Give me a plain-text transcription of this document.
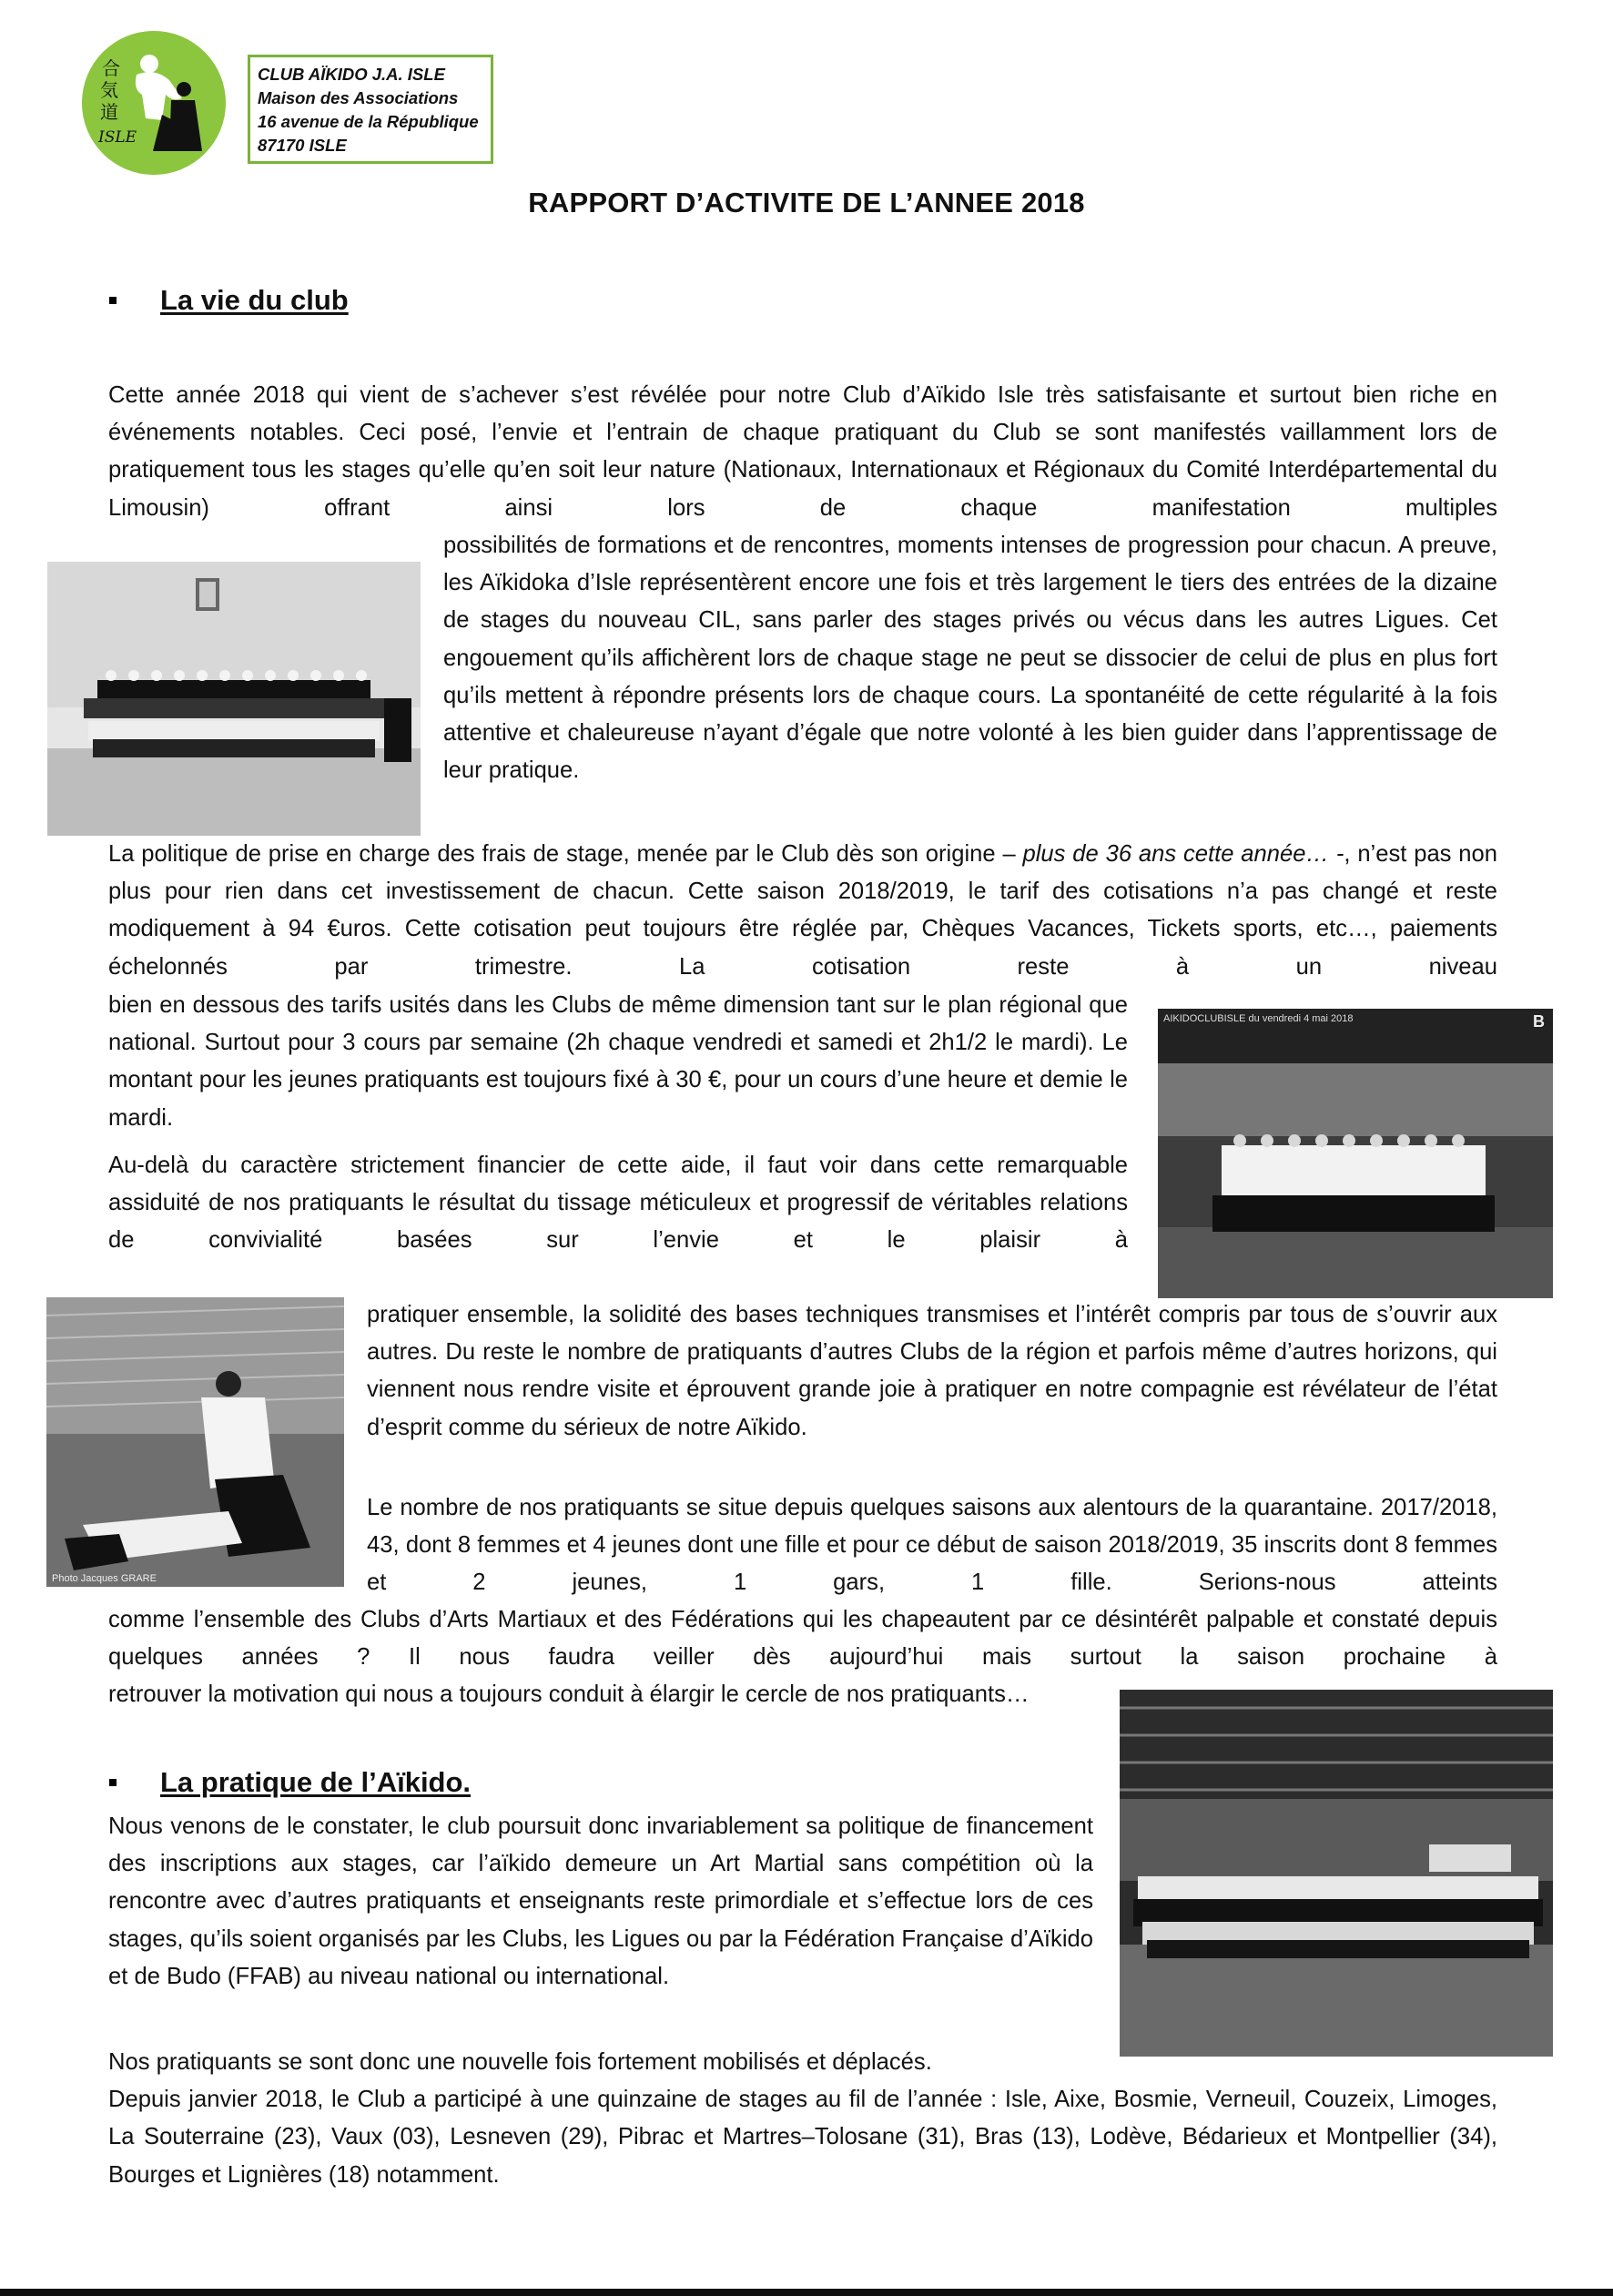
合
気
道
ISLE
CLUB AÏKIDO J.A. ISLE
Maison des Associations
16 avenue de la République
87170 ISLE
RAPPORT D’ACTIVITE DE L’ANNEE 2018
La vie du club

Cette année 2018 qui vient de s’achever s’est révélée pour notre Club d’Aïkido Isle très satisfaisante et surtout bien riche en événements notables. Ceci posé, l’envie et l’entrain de chaque pratiquant du Club se sont manifestés vaillamment lors de pratiquement tous les stages qu’elle qu’en soit leur nature (Nationaux, Internationaux et Régionaux du Comité Interdépartemental du Limousin) offrant ainsi lors de chaque manifestation multiples

possibilités de formations et de rencontres, moments intenses de progression pour chacun. A preuve, les Aïkidoka d’Isle représentèrent encore une fois et très largement le tiers des entrées de la dizaine de stages du nouveau CIL, sans parler des stages privés ou vécus dans les autres Ligues. Cet engouement qu’ils affichèrent lors de chaque stage ne peut se dissocier de celui de plus en plus fort qu’ils mettent à répondre présents lors de chaque cours. La spontanéité de cette régularité à la fois attentive et chaleureuse n’ayant d’égale que notre volonté à les bien guider dans l’apprentissage de leur pratique.

La politique de prise en charge des frais de stage, menée par le Club dès son origine – plus de 36 ans cette année… -, n’est pas non plus pour rien dans cet investissement de chacun. Cette saison 2018/2019, le tarif des cotisations n’a pas changé et reste modiquement à 94 €uros. Cette cotisation peut toujours être réglée par, Chèques Vacances, Tickets sports, etc…, paiements échelonnés par trimestre. La cotisation reste à un niveau

bien en dessous des tarifs usités dans les Clubs de même dimension tant sur le plan régional que national. Surtout pour 3 cours par semaine (2h chaque vendredi et samedi et 2h1/2 le mardi). Le montant pour les jeunes pratiquants est toujours fixé à 30 €, pour un cours d’une heure et demie le mardi.

AIKIDOCLUBISLE du vendredi 4 mai 2018	B

Au-delà du caractère strictement financier de cette aide, il faut voir dans cette remarquable assiduité de nos pratiquants le résultat du tissage méticuleux et progressif de véritables relations de convivialité basées sur l’envie et le plaisir à

Photo Jacques GRARE

pratiquer ensemble, la solidité des bases techniques transmises et l’intérêt compris par tous de s’ouvrir aux autres. Du reste le nombre de pratiquants d’autres Clubs de la région et parfois même d’autres horizons, qui viennent nous rendre visite et éprouvent grande joie à pratiquer en notre compagnie est révélateur de l’état d’esprit comme du sérieux de notre Aïkido.

Le nombre de nos pratiquants se situe depuis quelques saisons aux alentours de la quarantaine. 2017/2018, 43, dont 8 femmes et 4 jeunes dont une fille et pour ce début de saison 2018/2019, 35 inscrits dont 8 femmes et 2 jeunes, 1 gars, 1 fille. Serions-nous atteints

comme l’ensemble des Clubs d’Arts Martiaux et des Fédérations qui les chapeautent par ce désintérêt palpable et constaté depuis quelques années ? Il nous faudra veiller dès aujourd’hui mais surtout la saison prochaine à

retrouver la motivation qui nous a toujours conduit à élargir le cercle de nos pratiquants…

La pratique de l’Aïkido.

Nous venons de le constater, le club poursuit donc invariablement sa politique de financement des inscriptions aux stages, car l’aïkido demeure un Art Martial sans compétition où la rencontre avec d’autres pratiquants et enseignants reste primordiale et s’effectue lors de ces stages, qu’ils soient organisés par les Clubs, les Ligues ou par la Fédération Française d’Aïkido et de Budo (FFAB) au niveau national ou international.

Nos pratiquants se sont donc une nouvelle fois fortement mobilisés et déplacés.

Depuis janvier 2018, le Club a participé à une quinzaine de stages au fil de l’année : Isle, Aixe, Bosmie, Verneuil, Couzeix, Limoges, La Souterraine (23), Vaux (03), Lesneven (29), Pibrac et Martres–Tolosane (31), Bras (13), Lodève, Bédarieux et Montpellier (34), Bourges et Lignières (18) notamment.
